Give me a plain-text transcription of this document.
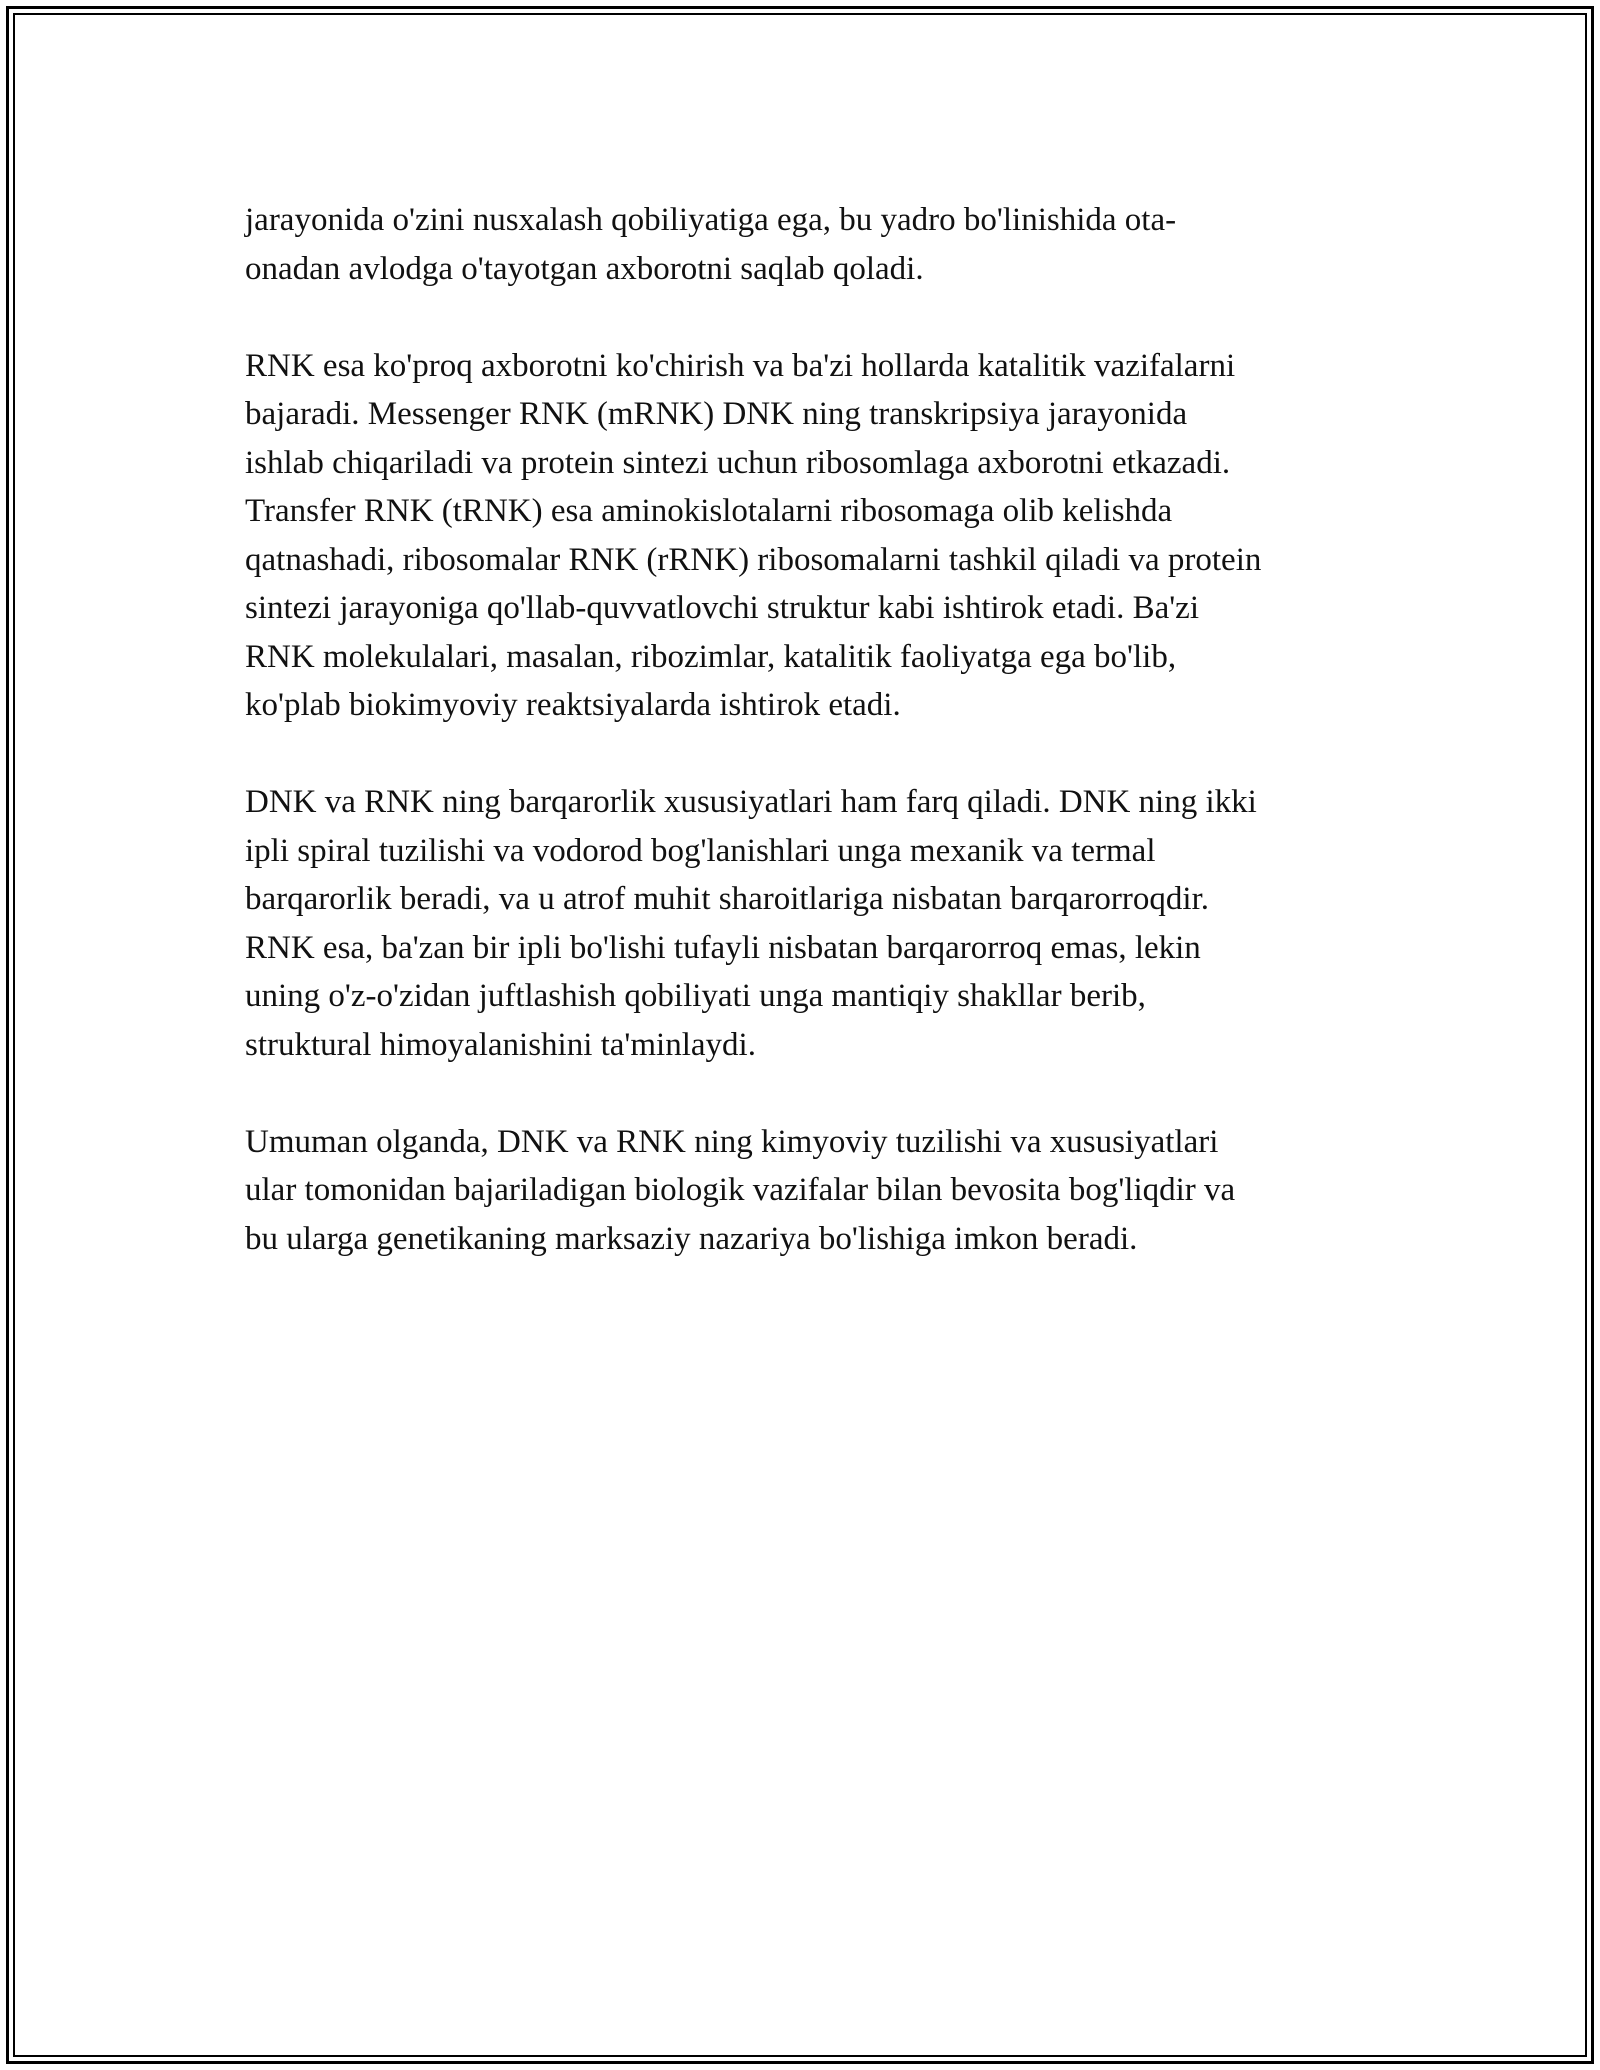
jarayonida o'zini nusxalash qobiliyatiga ega, bu yadro bo'linishida ota-
onadan avlodga o'tayotgan axborotni saqlab qoladi.

RNK esa ko'proq axborotni ko'chirish va ba'zi hollarda katalitik vazifalarni
bajaradi. Messenger RNK (mRNK) DNK ning transkripsiya jarayonida
ishlab chiqariladi va protein sintezi uchun ribosomlaga axborotni etkazadi.
Transfer RNK (tRNK) esa aminokislotalarni ribosomaga olib kelishda
qatnashadi, ribosomalar RNK (rRNK) ribosomalarni tashkil qiladi va protein
sintezi jarayoniga qo'llab-quvvatlovchi struktur kabi ishtirok etadi. Ba'zi
RNK molekulalari, masalan, ribozimlar, katalitik faoliyatga ega bo'lib,
ko'plab biokimyoviy reaktsiyalarda ishtirok etadi.

DNK va RNK ning barqarorlik xususiyatlari ham farq qiladi. DNK ning ikki
ipli spiral tuzilishi va vodorod bog'lanishlari unga mexanik va termal
barqarorlik beradi, va u atrof muhit sharoitlariga nisbatan barqarorroqdir.
RNK esa, ba'zan bir ipli bo'lishi tufayli nisbatan barqarorroq emas, lekin
uning o'z-o'zidan juftlashish qobiliyati unga mantiqiy shakllar berib,
struktural himoyalanishini ta'minlaydi.

Umuman olganda, DNK va RNK ning kimyoviy tuzilishi va xususiyatlari
ular tomonidan bajariladigan biologik vazifalar bilan bevosita bog'liqdir va
bu ularga genetikaning marksaziy nazariya bo'lishiga imkon beradi.
